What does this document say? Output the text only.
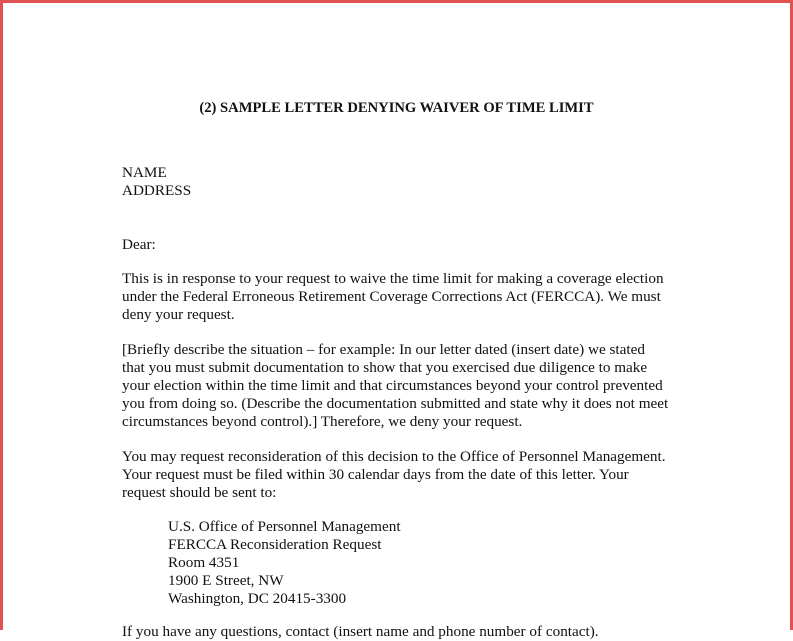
(2) SAMPLE LETTER DENYING WAIVER OF TIME LIMIT
NAME
ADDRESS
Dear:
This is in response to your request to waive the time limit for making a coverage election
under the Federal Erroneous Retirement Coverage Corrections Act (FERCCA). We must
deny your request.
[Briefly describe the situation – for example: In our letter dated (insert date) we stated
that you must submit documentation to show that you exercised due diligence to make
your election within the time limit and that circumstances beyond your control prevented
you from doing so. (Describe the documentation submitted and state why it does not meet
circumstances beyond control).] Therefore, we deny your request.
You may request reconsideration of this decision to the Office of Personnel Management.
Your request must be filed within 30 calendar days from the date of this letter. Your
request should be sent to:
U.S. Office of Personnel Management
FERCCA Reconsideration Request
Room 4351
1900 E Street, NW
Washington, DC 20415-3300
If you have any questions, contact (insert name and phone number of contact).
